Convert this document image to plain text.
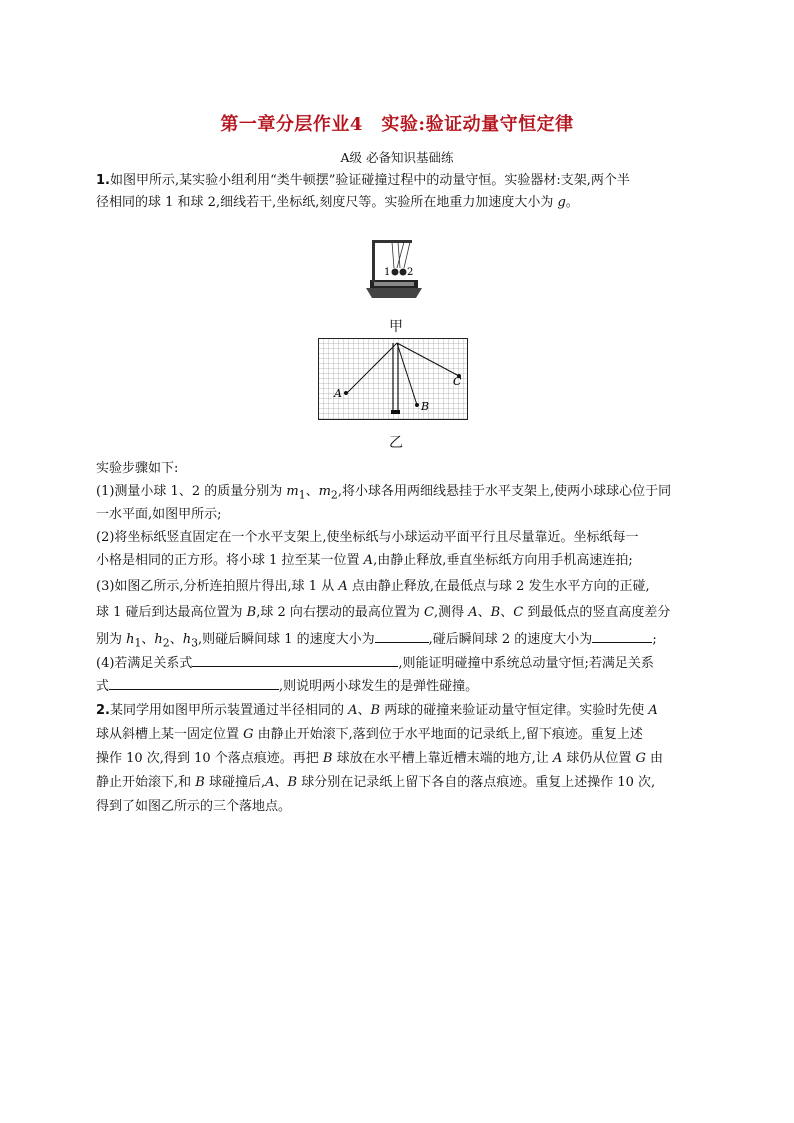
第一章分层作业4　实验:验证动量守恒定律
A级 必备知识基础练
1.如图甲所示,某实验小组利用“类牛顿摆”验证碰撞过程中的动量守恒。实验器材:支架,两个半
径相同的球 1 和球 2,细线若干,坐标纸,刻度尺等。实验所在地重力加速度大小为 g。
1 2
甲
A
C
B
乙
实验步骤如下:
(1)测量小球 1、2 的质量分别为 $m_1$、$m_2$,将小球各用两细线悬挂于水平支架上,使两小球球心位于同
一水平面,如图甲所示;
(2)将坐标纸竖直固定在一个水平支架上,使坐标纸与小球运动平面平行且尽量靠近。坐标纸每一
小格是相同的正方形。将小球 1 拉至某一位置 A,由静止释放,垂直坐标纸方向用手机高速连拍;
(3)如图乙所示,分析连拍照片得出,球 1 从 A 点由静止释放,在最低点与球 2 发生水平方向的正碰,
球 1 碰后到达最高位置为 B,球 2 向右摆动的最高位置为 C,测得 A、B、C 到最低点的竖直高度差分
别为 $h_1$、$h_2$、$h_3$,则碰后瞬间球 1 的速度大小为	,碰后瞬间球 2 的速度大小为	;
(4)若满足关系式	,则能证明碰撞中系统总动量守恒;若满足关系
式	,则说明两小球发生的是弹性碰撞。
2.某同学用如图甲所示装置通过半径相同的 A、B 两球的碰撞来验证动量守恒定律。实验时先使 A
球从斜槽上某一固定位置 G 由静止开始滚下,落到位于水平地面的记录纸上,留下痕迹。重复上述
操作 10 次,得到 10 个落点痕迹。再把 B 球放在水平槽上靠近槽末端的地方,让 A 球仍从位置 G 由
静止开始滚下,和 B 球碰撞后,A、B 球分别在记录纸上留下各自的落点痕迹。重复上述操作 10 次,
得到了如图乙所示的三个落地点。
